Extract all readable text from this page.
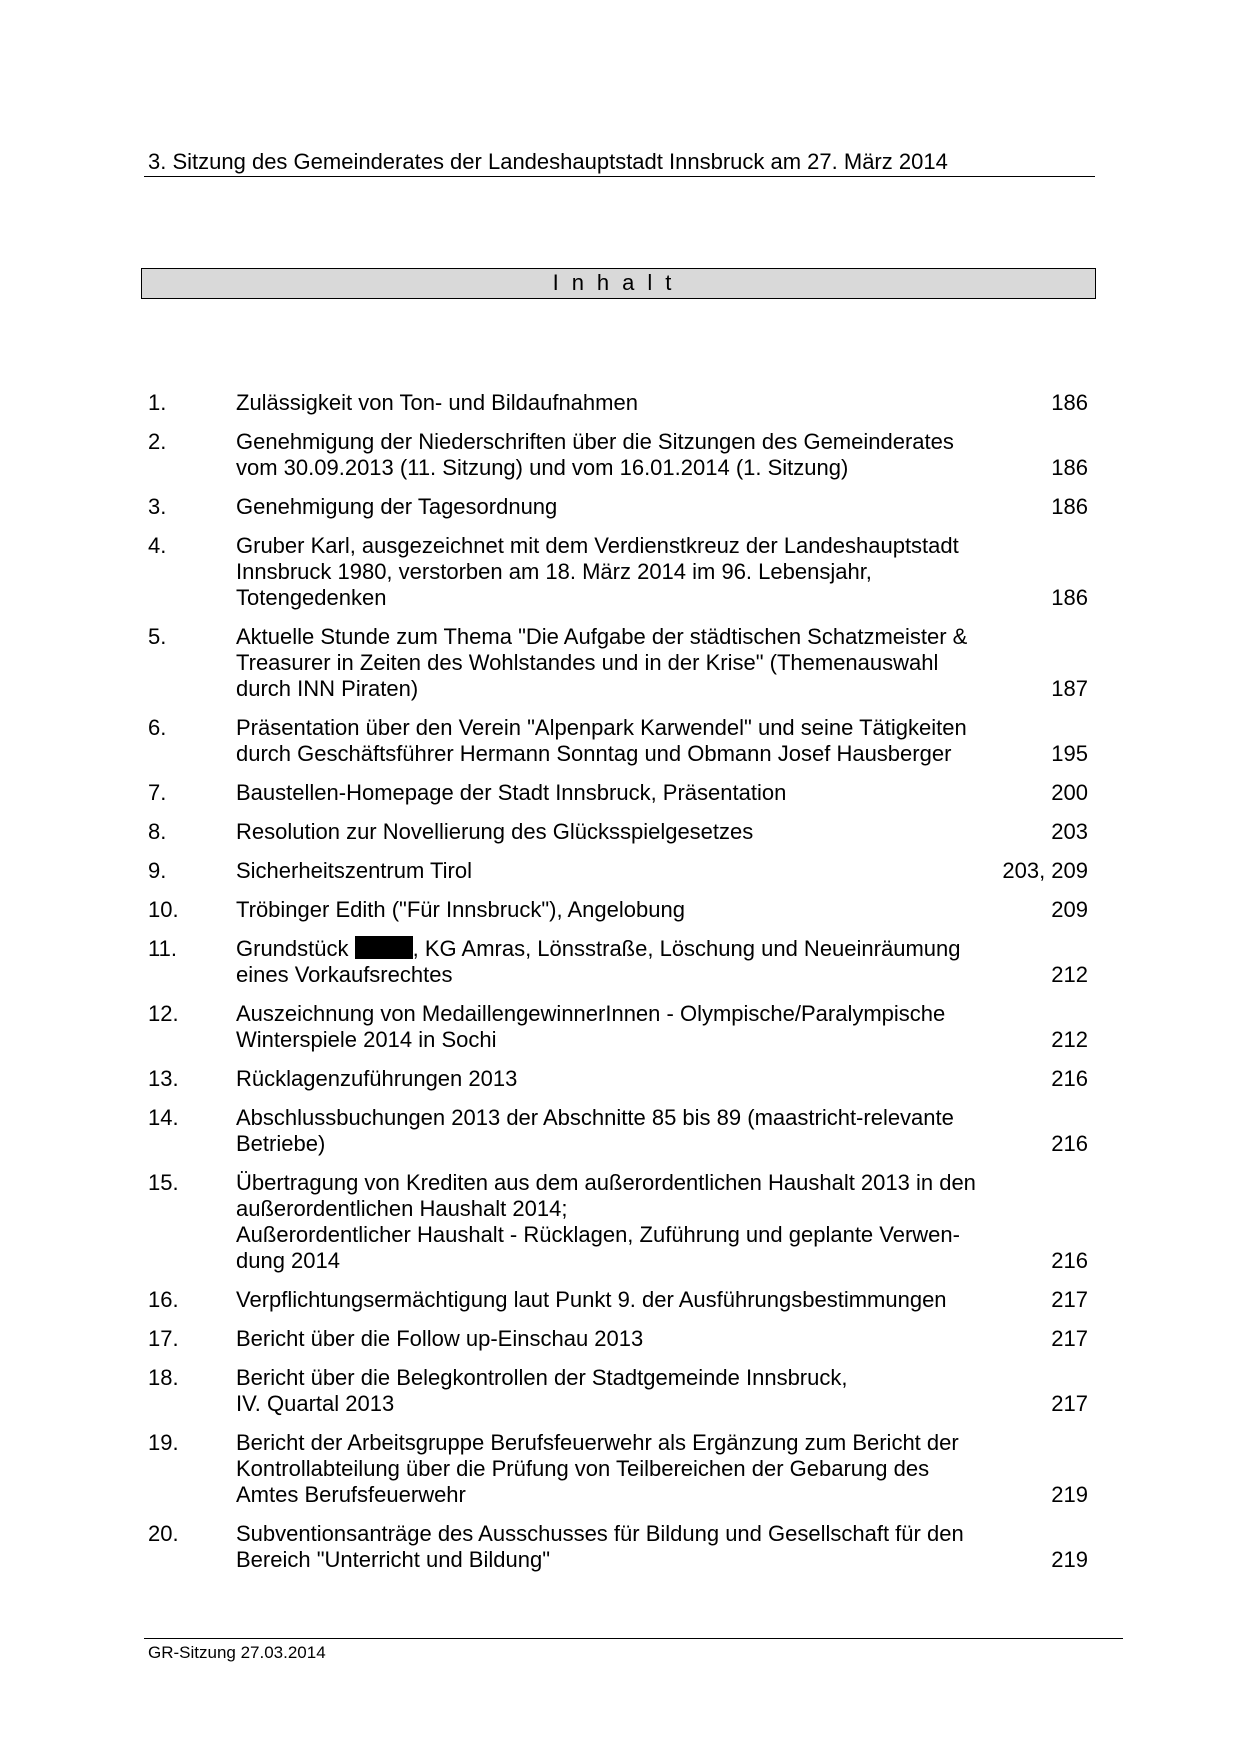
3. Sitzung des Gemeinderates der Landeshauptstadt Innsbruck am 27. März 2014
Inhalt
1.	Zulässigkeit von Ton- und Bildaufnahmen	186
2.	Genehmigung der Niederschriften über die Sitzungen des Gemeinderates
vom 30.09.2013 (11. Sitzung) und vom 16.01.2014 (1. Sitzung)	186
3.	Genehmigung der Tagesordnung	186
4.	Gruber Karl, ausgezeichnet mit dem Verdienstkreuz der Landeshauptstadt
Innsbruck 1980, verstorben am 18. März 2014 im 96. Lebensjahr,
Totengedenken	186
5.	Aktuelle Stunde zum Thema "Die Aufgabe der städtischen Schatzmeister &
Treasurer in Zeiten des Wohlstandes und in der Krise" (Themenauswahl
durch INN Piraten)	187
6.	Präsentation über den Verein "Alpenpark Karwendel" und seine Tätigkeiten
durch Geschäftsführer Hermann Sonntag und Obmann Josef Hausberger	195
7.	Baustellen-Homepage der Stadt Innsbruck, Präsentation	200
8.	Resolution zur Novellierung des Glücksspielgesetzes	203
9.	Sicherheitszentrum Tirol	203, 209
10.	Tröbinger Edith ("Für Innsbruck"), Angelobung	209
11.	Grundstück	, KG Amras, Lönsstraße, Löschung und Neueinräumung
eines Vorkaufsrechtes	212
12.	Auszeichnung von MedaillengewinnerInnen - Olympische/Paralympische
Winterspiele 2014 in Sochi	212
13.	Rücklagenzuführungen 2013	216
14.	Abschlussbuchungen 2013 der Abschnitte 85 bis 89 (maastricht-relevante
Betriebe)	216
15.	Übertragung von Krediten aus dem außerordentlichen Haushalt 2013 in den
außerordentlichen Haushalt 2014;
Außerordentlicher Haushalt - Rücklagen, Zuführung und geplante Verwen-
dung 2014	216
16.	Verpflichtungsermächtigung laut Punkt 9. der Ausführungsbestimmungen	217
17.	Bericht über die Follow up-Einschau 2013	217
18.	Bericht über die Belegkontrollen der Stadtgemeinde Innsbruck,
IV. Quartal 2013	217
19.	Bericht der Arbeitsgruppe Berufsfeuerwehr als Ergänzung zum Bericht der
Kontrollabteilung über die Prüfung von Teilbereichen der Gebarung des
Amtes Berufsfeuerwehr	219
20.	Subventionsanträge des Ausschusses für Bildung und Gesellschaft für den
Bereich "Unterricht und Bildung"	219
GR-Sitzung 27.03.2014
